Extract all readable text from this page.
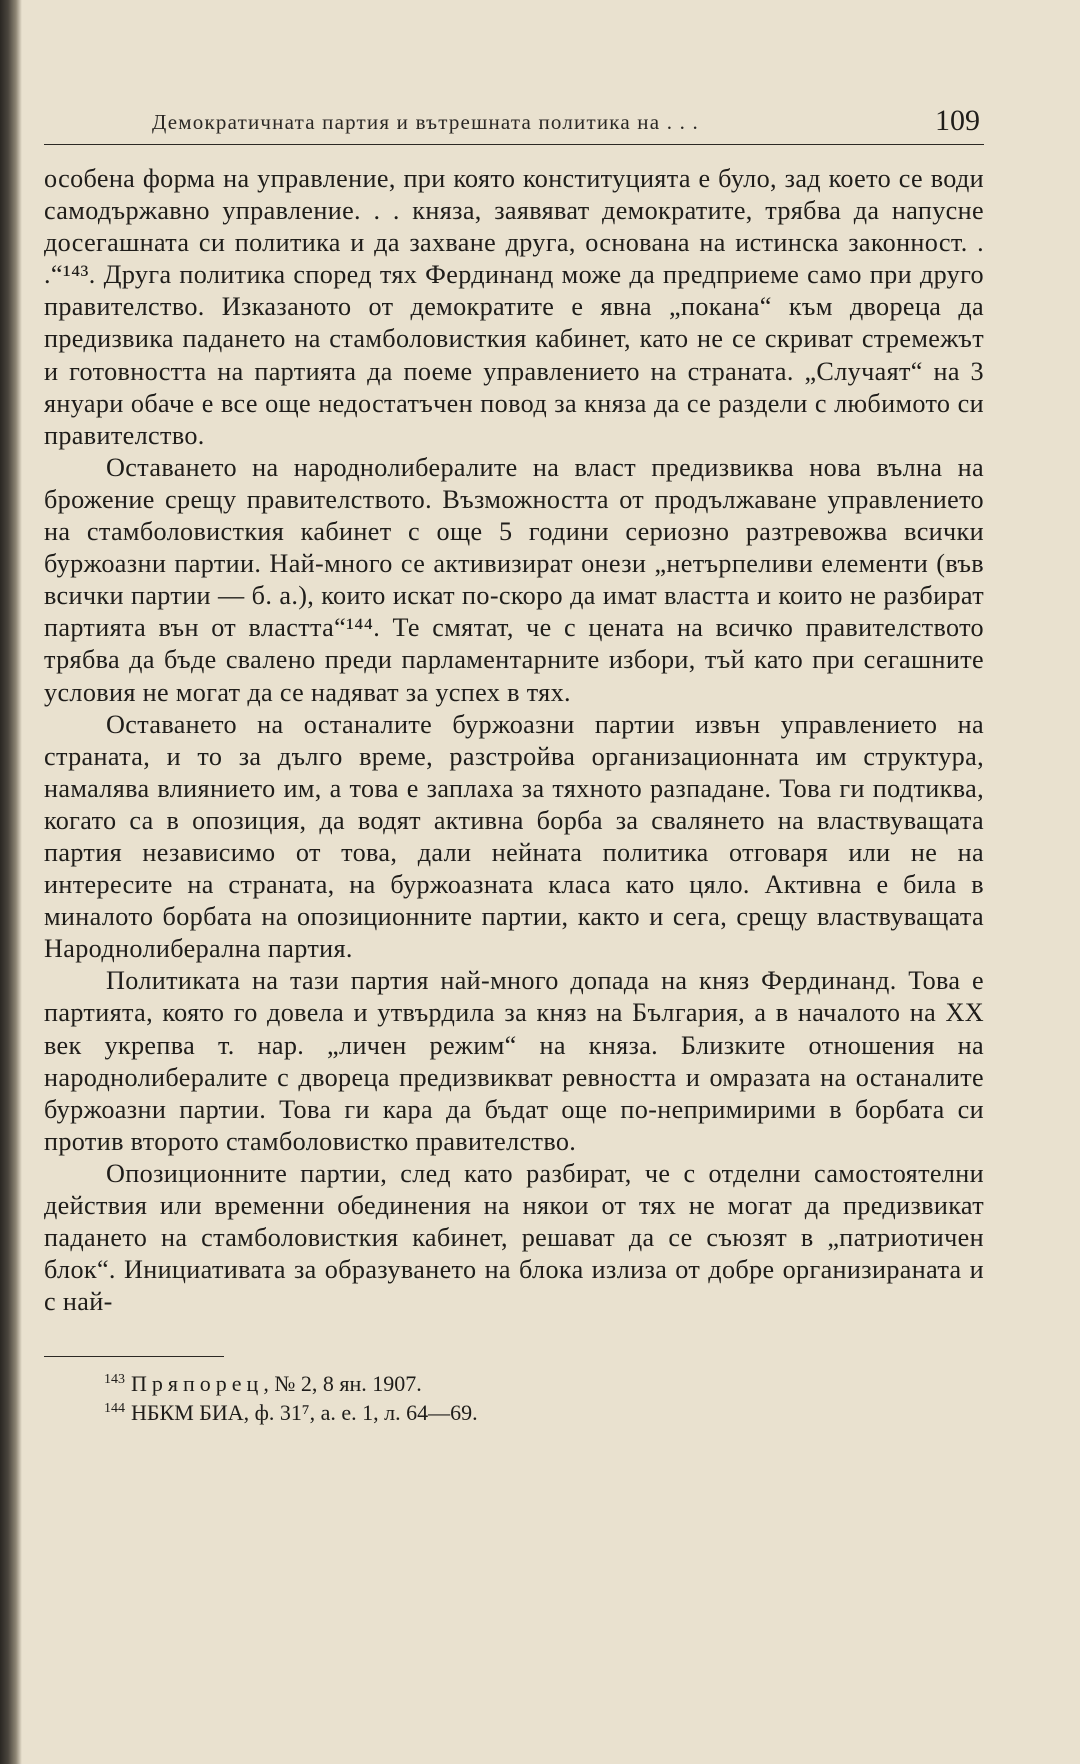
Демократичната партия и вътрешната политика на . . .	109

особена форма на управление, при която конституцията е було, зад което се води самодържавно управление. . . княза, заявяват демократите, трябва да напусне досегашната си политика и да захване друга, основана на истинска законност. . .“¹⁴³. Друга политика според тях Фердинанд може да предприеме само при друго правителство. Изказаното от демократите е явна „покана“ към двореца да предизвика падането на стамболовисткия кабинет, като не се скриват стремежът и готовността на партията да поеме управлението на страната. „Случаят“ на 3 януари обаче е все още недостатъчен повод за княза да се раздели с любимото си правителство.

Оставането на народнолибералите на власт предизвиква нова вълна на брожение срещу правителството. Възможността от продължаване управлението на стамболовисткия кабинет с още 5 години сериозно разтревожва всички буржоазни партии. Най-много се активизират онези „нетърпеливи елементи (във всички партии — б. а.), които искат по-скоро да имат властта и които не разбират партията вън от властта“¹⁴⁴. Те смятат, че с цената на всичко правителството трябва да бъде свалено преди парламентарните избори, тъй като при сегашните условия не могат да се надяват за успех в тях.

Оставането на останалите буржоазни партии извън управлението на страната, и то за дълго време, разстройва организационната им структура, намалява влиянието им, а това е заплаха за тяхното разпадане. Това ги подтиква, когато са в опозиция, да водят активна борба за свалянето на властвуващата партия независимо от това, дали нейната политика отговаря или не на интересите на страната, на буржоазната класа като цяло. Активна е била в миналото борбата на опозиционните партии, както и сега, срещу властвуващата Народнолиберална партия.

Политиката на тази партия най-много допада на княз Фердинанд. Това е партията, която го довела и утвърдила за княз на България, а в началото на XX век укрепва т. нар. „личен режим“ на княза. Близките отношения на народнолибералите с двореца предизвикват ревността и омразата на останалите буржоазни партии. Това ги кара да бъдат още по-непримирими в борбата си против второто стамболовистко правителство.

Опозиционните партии, след като разбират, че с отделни самостоятелни действия или временни обединения на някои от тях не могат да предизвикат падането на стамболовисткия кабинет, решават да се съюзят в „патриотичен блок“. Инициативата за образуването на блока излиза от добре организираната и с най-

$^{143}$ Пряпорец, № 2, 8 ян. 1907.
$^{144}$ НБКМ БИА, ф. 31⁷, а. е. 1, л. 64—69.
